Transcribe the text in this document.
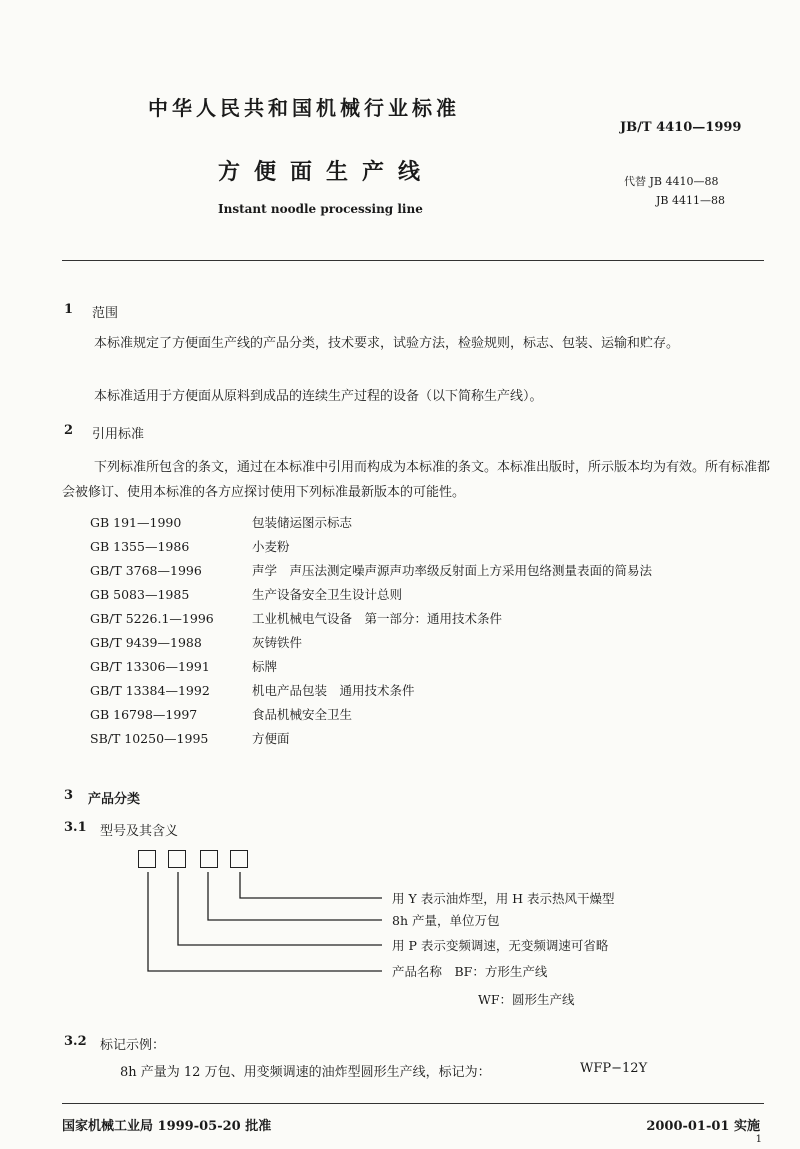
中华人民共和国机械行业标准
JB/T 4410—1999
方便面生产线	代替 JB 4410—88
JB 4411—88
Instant noodle processing line
1 范围
本标准规定了方便面生产线的产品分类，技术要求，试验方法，检验规则，标志、包装、运输和贮存。
本标准适用于方便面从原料到成品的连续生产过程的设备（以下简称生产线）。
2 引用标准
下列标准所包含的条文，通过在本标准中引用而构成为本标准的条文。本标准出版时，所示版本均为有效。所有标准都会被修订、使用本标准的各方应探讨使用下列标准最新版本的可能性。
GB 191—1990	包装储运图示标志
GB 1355—1986	小麦粉
GB/T 3768—1996	声学　声压法测定噪声源声功率级反射面上方采用包络测量表面的简易法
GB 5083—1985	生产设备安全卫生设计总则
GB/T 5226.1—1996	工业机械电气设备　第一部分：通用技术条件
GB/T 9439—1988	灰铸铁件
GB/T 13306—1991	标牌
GB/T 13384—1992	机电产品包装　通用技术条件
GB 16798—1997	食品机械安全卫生
SB/T 10250—1995	方便面
3 产品分类
3.1 型号及其含义
用 Y 表示油炸型，用 H 表示热风干燥型
8h 产量，单位万包
用 P 表示变频调速，无变频调速可省略
产品名称　BF：方形生产线
WF：圆形生产线
3.2 标记示例：
8h 产量为 12 万包、用变频调速的油炸型圆形生产线，标记为：	WFP−12Y
国家机械工业局 1999-05-20 批准	2000-01-01 实施
1
